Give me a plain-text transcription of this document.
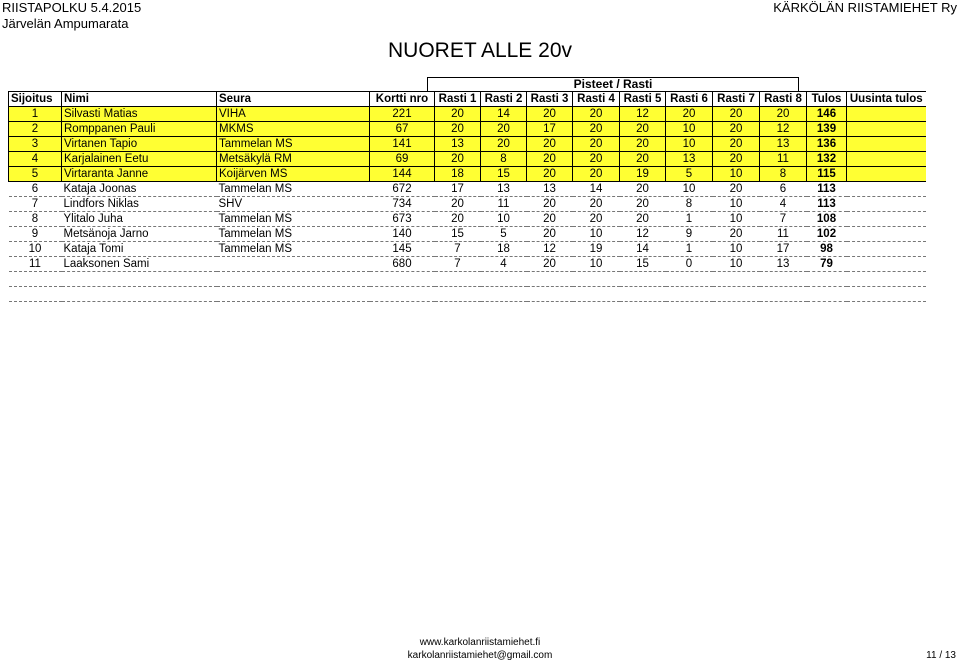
RIISTAPOLKU 5.4.2015
Järvelän Ampumarata
KÄRKÖLÄN RIISTAMIEHET Ry
NUORET ALLE 20v
Pisteet / Rasti
Sijoitus	Nimi	Seura	Kortti nro	Rasti 1	Rasti 2	Rasti 3	Rasti 4	Rasti 5	Rasti 6	Rasti 7	Rasti 8	Tulos	Uusinta tulos
1	Silvasti Matias	VIHA	221	20	14	20	20	12	20	20	20	146	
2	Romppanen Pauli	MKMS	67	20	20	17	20	20	10	20	12	139	
3	Virtanen Tapio	Tammelan MS	141	13	20	20	20	20	10	20	13	136	
4	Karjalainen Eetu	Metsäkylä RM	69	20	8	20	20	20	13	20	11	132	
5	Virtaranta Janne	Koijärven MS	144	18	15	20	20	19	5	10	8	115	
6	Kataja Joonas	Tammelan MS	672	17	13	13	14	20	10	20	6	113	
7	Lindfors Niklas	SHV	734	20	11	20	20	20	8	10	4	113	
8	Ylitalo Juha	Tammelan MS	673	20	10	20	20	20	1	10	7	108	
9	Metsänoja Jarno	Tammelan MS	140	15	5	20	10	12	9	20	11	102	
10	Kataja Tomi	Tammelan MS	145	7	18	12	19	14	1	10	17	98	
11	Laaksonen Sami		680	7	4	20	10	15	0	10	13	79	

www.karkolanriistamiehet.fi
karkolanriistamiehet@gmail.com	11 / 13
